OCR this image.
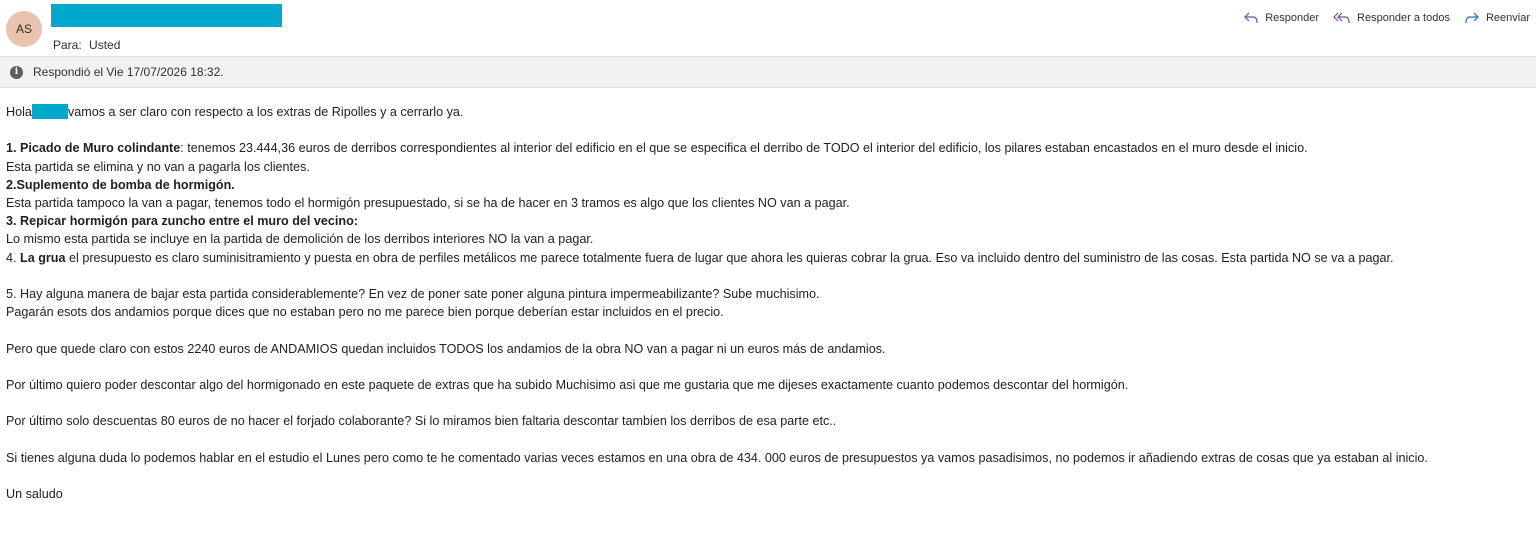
AS
Para: Usted
Responder	Responder a todos	Reenviar
i	Respondió el Vie 17/07/2026 18:32.

Hola	vamos a ser claro con respecto a los extras de Ripolles y a cerrarlo ya.

1. Picado de Muro colindante: tenemos 23.444,36 euros de derribos correspondientes al interior del edificio en el que se especifica el derribo de TODO el interior del edificio, los pilares estaban encastados en el muro desde el inicio.

Esta partida se elimina y no van a pagarla los clientes.

2.Suplemento de bomba de hormigón.

Esta partida tampoco la van a pagar, tenemos todo el hormigón presupuestado, si se ha de hacer en 3 tramos es algo que los clientes NO van a pagar.

3. Repicar hormigón para zuncho entre el muro del vecino:

Lo mismo esta partida se incluye en la partida de demolición de los derribos interiores NO la van a pagar.

4. La grua el presupuesto es claro suminisitramiento y puesta en obra de perfiles metálicos me parece totalmente fuera de lugar que ahora les quieras cobrar la grua. Eso va incluido dentro del suministro de las cosas. Esta partida NO se va a pagar.

5. Hay alguna manera de bajar esta partida considerablemente? En vez de poner sate poner alguna pintura impermeabilizante? Sube muchisimo.

Pagarán esots dos andamios porque dices que no estaban pero no me parece bien porque deberían estar incluidos en el precio.

Pero que quede claro con estos 2240 euros de ANDAMIOS quedan incluidos TODOS los andamios de la obra NO van a pagar ni un euros más de andamios.

Por último quiero poder descontar algo del hormigonado en este paquete de extras que ha subido Muchisimo asi que me gustaria que me dijeses exactamente cuanto podemos descontar del hormigón.

Por último solo descuentas 80 euros de no hacer el forjado colaborante? Si lo miramos bien faltaria descontar tambien los derribos de esa parte etc..

Si tienes alguna duda lo podemos hablar en el estudio el Lunes pero como te he comentado varias veces estamos en una obra de 434. 000 euros de presupuestos ya vamos pasadisimos, no podemos ir añadiendo extras de cosas que ya estaban al inicio.

Un saludo
